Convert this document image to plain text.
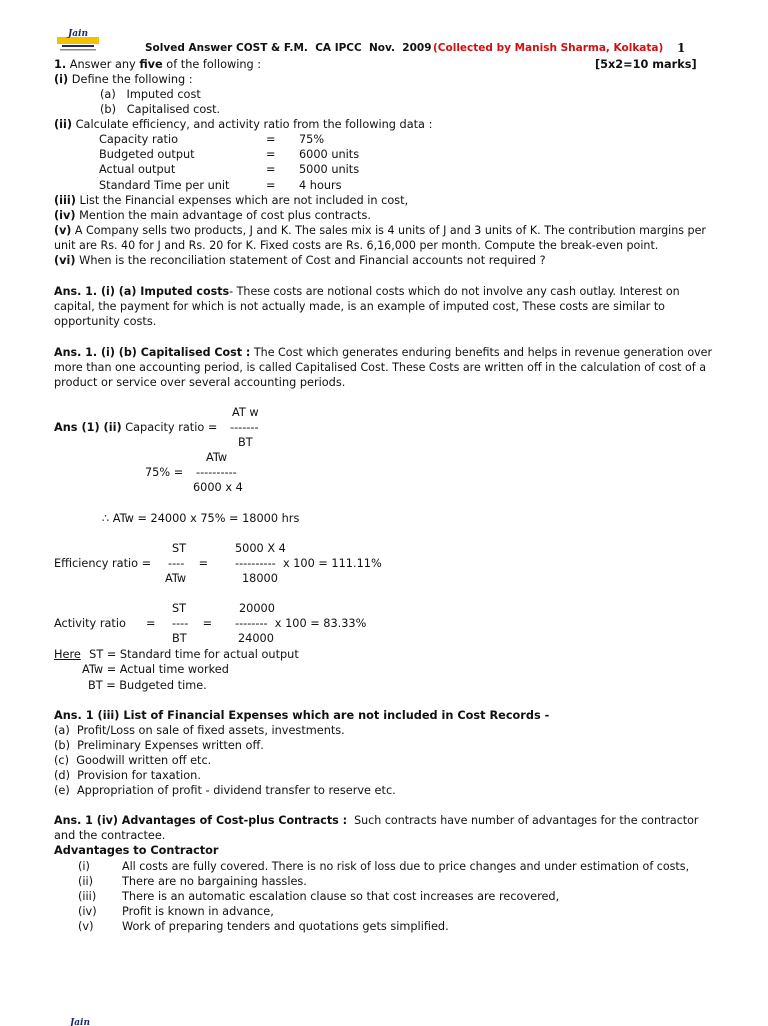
Jain
Solved Answer COST & F.M.  CA IPCC  Nov.  2009 (Collected by Manish Sharma, Kolkata) 1
1. Answer any five of the following :	[5x2=10 marks]
(i) Define the following :
(a)   Imputed cost
(b)   Capitalised cost.
(ii) Calculate efficiency, and activity ratio from the following data :
Capacity ratio	= 75%
Budgeted output	= 6000 units
Actual output	= 5000 units
Standard Time per unit	= 4 hours
(iii) List the Financial expenses which are not included in cost,
(iv) Mention the main advantage of cost plus contracts.
(v) A Company sells two products, J and K. The sales mix is 4 units of J and 3 units of K. The contribution margins per
unit are Rs. 40 for J and Rs. 20 for K. Fixed costs are Rs. 6,16,000 per month. Compute the break-even point.
(vi) When is the reconciliation statement of Cost and Financial accounts not required ?
Ans. 1. (i) (a) Imputed costs- These costs are notional costs which do not involve any cash outlay. Interest on
capital, the payment for which is not actually made, is an example of imputed cost, These costs are similar to
opportunity costs.
Ans. 1. (i) (b) Capitalised Cost : The Cost which generates enduring benefits and helps in revenue generation over
more than one accounting period, is called Capitalised Cost. These Costs are written off in the calculation of cost of a
product or service over several accounting periods.
AT w
-------
Ans (1) (ii) Capacity ratio =
BT
ATw
75% = ----------
6000 x 4
∴ ATw = 24000 x 75% = 18000 hrs
ST	5000 X 4
Efficiency ratio = ----    = ----------  x 100 = 111.11%
ATw	18000
ST	20000
Activity ratio = ----    = --------  x 100 = 83.33%
BT	24000
Here ST = Standard time for actual output
ATw = Actual time worked
BT = Budgeted time.
Ans. 1 (iii) List of Financial Expenses which are not included in Cost Records -
(a)  Profit/Loss on sale of fixed assets, investments.
(b)  Preliminary Expenses written off.
(c)  Goodwill written off etc.
(d)  Provision for taxation.
(e)  Appropriation of profit - dividend transfer to reserve etc.
Ans. 1 (iv) Advantages of Cost-plus Contracts :  Such contracts have number of advantages for the contractor
and the contractee.
Advantages to Contractor
(i)	All costs are fully covered. There is no risk of loss due to price changes and under estimation of costs,
(ii)	There are no bargaining hassles.
(iii) There is an automatic escalation clause so that cost increases are recovered,
(iv) Profit is known in advance,
(v)	Work of preparing tenders and quotations gets simplified.
Jain
